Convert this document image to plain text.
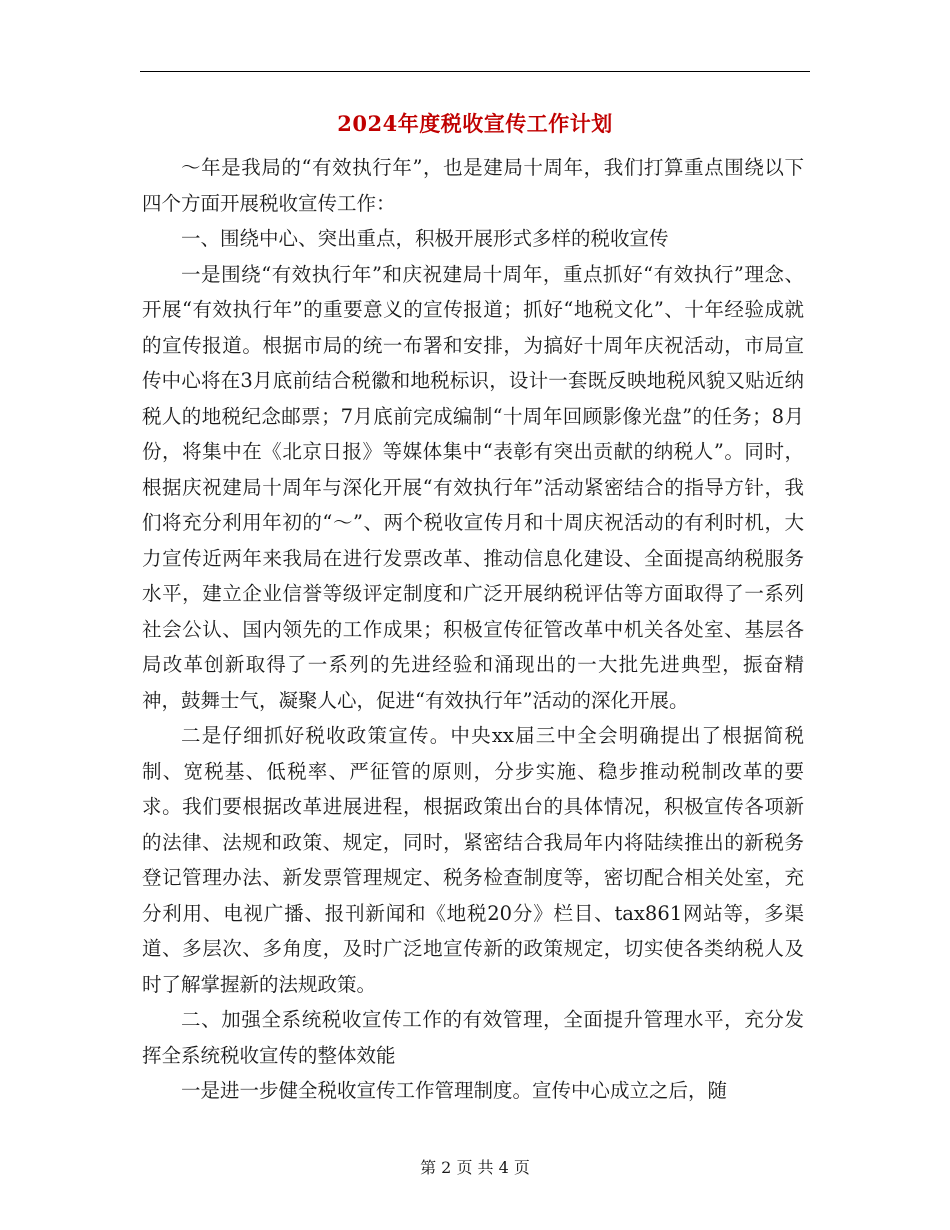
2024年度税收宣传工作计划

～年是我局的“有效执行年”，也是建局十周年，我们打算重点围绕以下四个方面开展税收宣传工作：

一、围绕中心、突出重点，积极开展形式多样的税收宣传

一是围绕“有效执行年”和庆祝建局十周年，重点抓好“有效执行”理念、开展“有效执行年”的重要意义的宣传报道；抓好“地税文化”、十年经验成就的宣传报道。根据市局的统一布署和安排，为搞好十周年庆祝活动，市局宣传中心将在3月底前结合税徽和地税标识，设计一套既反映地税风貌又贴近纳税人的地税纪念邮票；7月底前完成编制“十周年回顾影像光盘”的任务；8月份，将集中在《北京日报》等媒体集中“表彰有突出贡献的纳税人”。同时，根据庆祝建局十周年与深化开展“有效执行年”活动紧密结合的指导方针，我们将充分利用年初的“～”、两个税收宣传月和十周庆祝活动的有利时机，大力宣传近两年来我局在进行发票改革、推动信息化建设、全面提高纳税服务水平，建立企业信誉等级评定制度和广泛开展纳税评估等方面取得了一系列社会公认、国内领先的工作成果；积极宣传征管改革中机关各处室、基层各局改革创新取得了一系列的先进经验和涌现出的一大批先进典型，振奋精神，鼓舞士气，凝聚人心，促进“有效执行年”活动的深化开展。

二是仔细抓好税收政策宣传。中央xx届三中全会明确提出了根据简税制、宽税基、低税率、严征管的原则，分步实施、稳步推动税制改革的要求。我们要根据改革进展进程，根据政策出台的具体情况，积极宣传各项新的法律、法规和政策、规定，同时，紧密结合我局年内将陆续推出的新税务登记管理办法、新发票管理规定、税务检查制度等，密切配合相关处室，充分利用、电视广播、报刊新闻和《地税20分》栏目、tax861网站等，多渠道、多层次、多角度，及时广泛地宣传新的政策规定，切实使各类纳税人及时了解掌握新的法规政策。

二、加强全系统税收宣传工作的有效管理，全面提升管理水平，充分发挥全系统税收宣传的整体效能

一是进一步健全税收宣传工作管理制度。宣传中心成立之后，随

第 2 页 共 4 页
